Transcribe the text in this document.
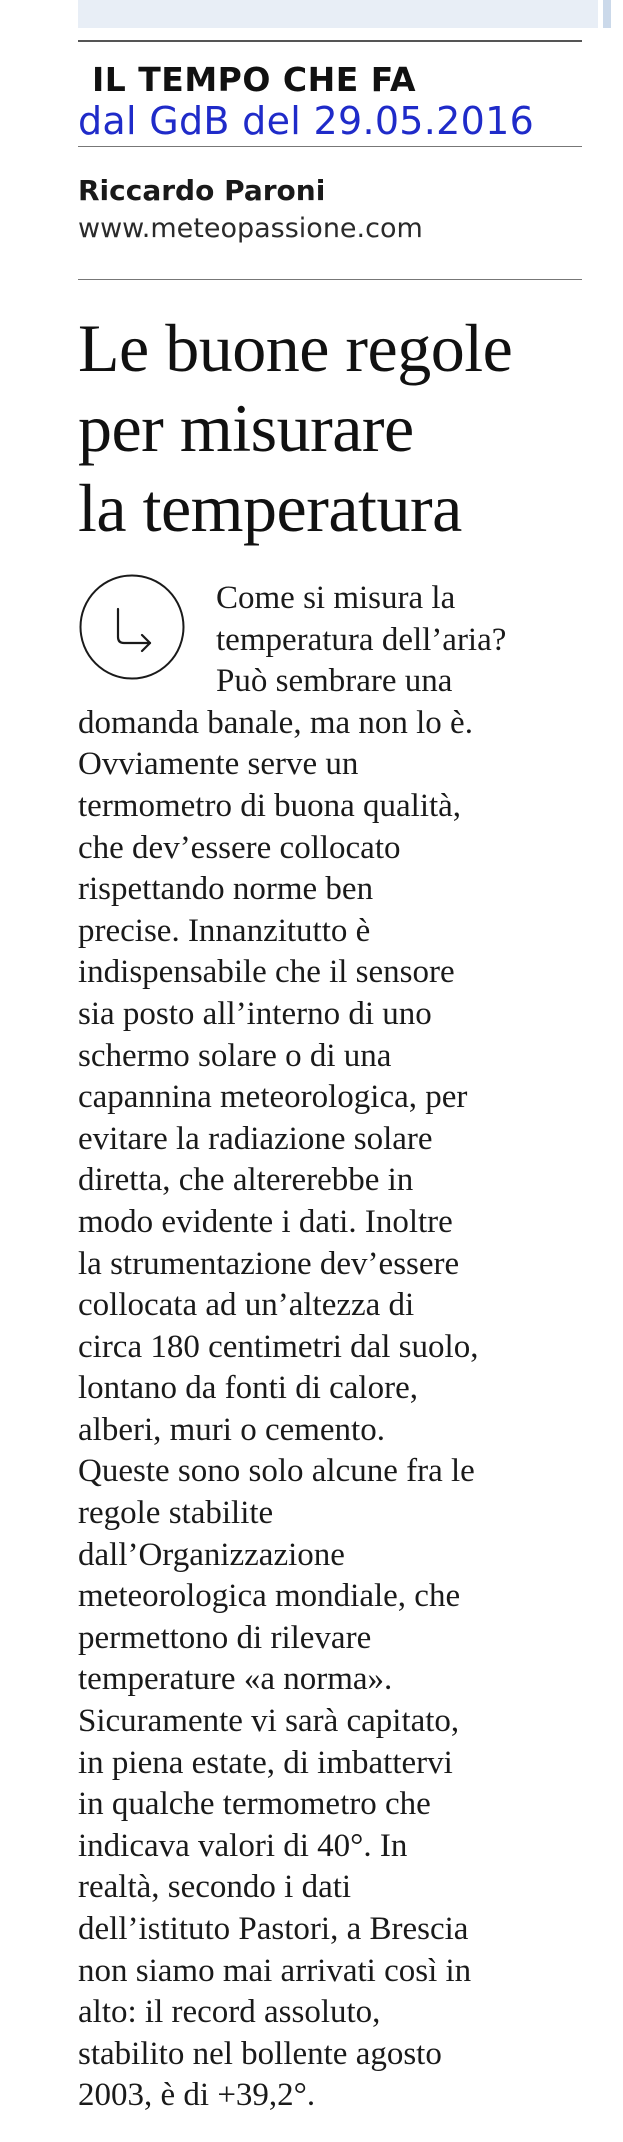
IL TEMPO CHE FA
dal GdB del 29.05.2016
Riccardo Paroni
www.meteopassione.com
Le buone regole
per misurare
la temperatura
Come si misura la
temperatura dell’aria?
Può sembrare una
domanda banale, ma non lo è.
Ovviamente serve un
termometro di buona qualità,
che dev’essere collocato
rispettando norme ben
precise. Innanzitutto è
indispensabile che il sensore
sia posto all’interno di uno
schermo solare o di una
capannina meteorologica, per
evitare la radiazione solare
diretta, che altererebbe in
modo evidente i dati. Inoltre
la strumentazione dev’essere
collocata ad un’altezza di
circa 180 centimetri dal suolo,
lontano da fonti di calore,
alberi, muri o cemento.
Queste sono solo alcune fra le
regole stabilite
dall’Organizzazione
meteorologica mondiale, che
permettono di rilevare
temperature «a norma».
Sicuramente vi sarà capitato,
in piena estate, di imbattervi
in qualche termometro che
indicava valori di 40°. In
realtà, secondo i dati
dell’istituto Pastori, a Brescia
non siamo mai arrivati così in
alto: il record assoluto,
stabilito nel bollente agosto
2003, è di +39,2°.
